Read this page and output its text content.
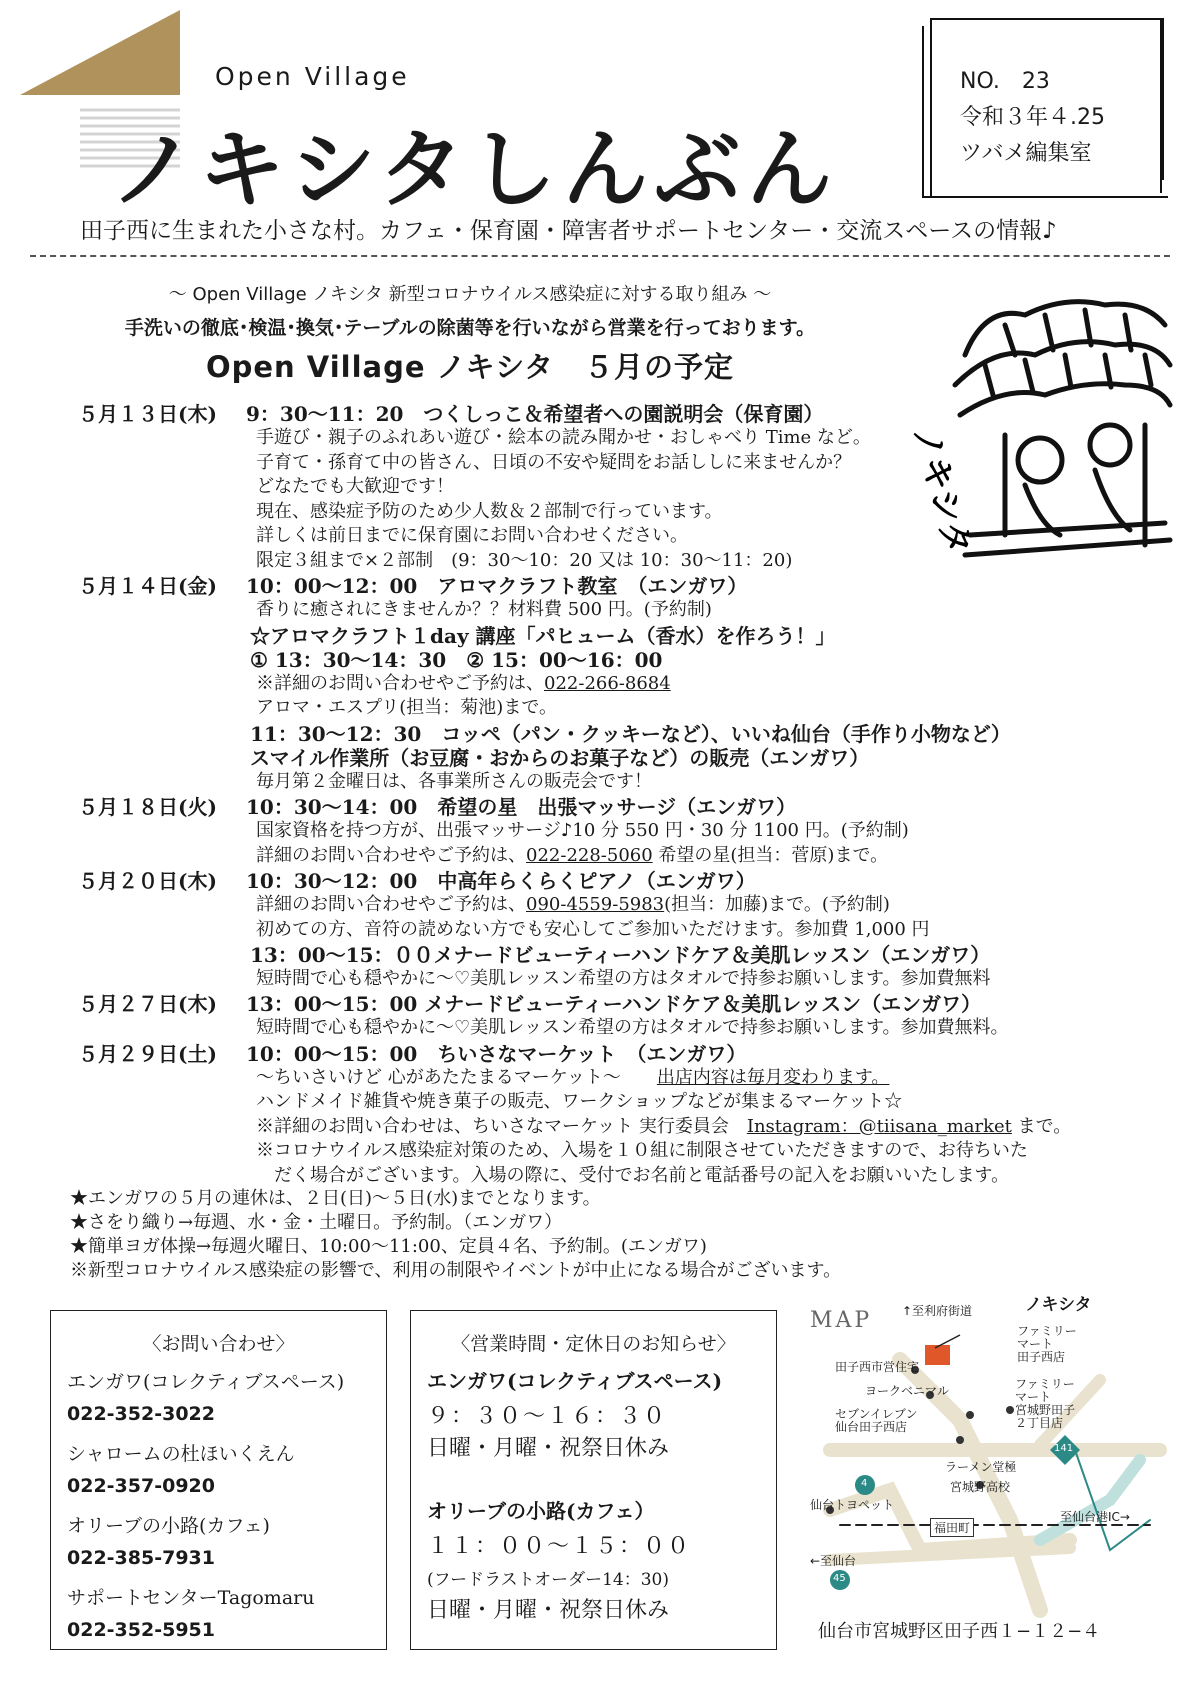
Open Village
ノキシタしんぶん
NO.　23
令和３年４.25
ツバメ編集室
田子西に生まれた小さな村。カフェ・保育園・障害者サポートセンター・交流スペースの情報♪
〜 Open Village ノキシタ 新型コロナウイルス感染症に対する取り組み 〜
手洗いの徹底･検温･換気･テーブルの除菌等を行いながら営業を行っております。
Open Village ノキシタ　５月の予定
ノキシタ
５月１３日(木) 9：30〜11：20　つくしっこ＆希望者への園説明会（保育園）
手遊び・親子のふれあい遊び・絵本の読み聞かせ・おしゃべり Time など。
子育て・孫育て中の皆さん、日頃の不安や疑問をお話ししに来ませんか？
どなたでも大歓迎です！
現在、感染症予防のため少人数＆２部制で行っています。
詳しくは前日までに保育園にお問い合わせください。
限定３組まで×２部制　(9：30〜10：20 又は 10：30〜11：20)
５月１４日(金) 10：00〜12：00　アロマクラフト教室　（エンガワ）
香りに癒されにきませんか？？材料費 500 円。(予約制)
☆アロマクラフト１day 講座「パヒューム（香水）を作ろう！」
① 13：30〜14：30　② 15：00〜16：00
※詳細のお問い合わせやご予約は、022-266-8684
アロマ・エスプリ(担当：菊池)まで。
11：30〜12：30　コッペ（パン・クッキーなど）、いいね仙台（手作り小物など）
スマイル作業所（お豆腐・おからのお菓子など）の販売（エンガワ）
毎月第２金曜日は、各事業所さんの販売会です！
５月１８日(火) 10：30〜14：00　希望の星　出張マッサージ（エンガワ）
国家資格を持つ方が、出張マッサージ♪10 分 550 円・30 分 1100 円。(予約制)
詳細のお問い合わせやご予約は、022-228-5060 希望の星(担当：菅原)まで。
５月２０日(木) 10：30〜12：00　中高年らくらくピアノ（エンガワ）
詳細のお問い合わせやご予約は、090-4559-5983(担当：加藤)まで。(予約制)
初めての方、音符の読めない方でも安心してご参加いただけます。参加費 1,000 円
13：00〜15：００メナードビューティーハンドケア＆美肌レッスン（エンガワ）
短時間で心も穏やかに〜♡美肌レッスン希望の方はタオルで持参お願いします。参加費無料
５月２７日(木) 13：00〜15：00 メナードビューティーハンドケア＆美肌レッスン（エンガワ）
短時間で心も穏やかに〜♡美肌レッスン希望の方はタオルで持参お願いします。参加費無料。
５月２９日(土) 10：00〜15：00　ちいさなマーケット　（エンガワ）
〜ちいさいけど 心があたたまるマーケット〜　　出店内容は毎月変わります。
ハンドメイド雑貨や焼き菓子の販売、ワークショップなどが集まるマーケット☆
※詳細のお問い合わせは、ちいさなマーケット 実行委員会　Instagram：@tiisana_market まで。
※コロナウイルス感染症対策のため、入場を１０組に制限させていただきますので、お待ちいた
　だく場合がございます。入場の際に、受付でお名前と電話番号の記入をお願いいたします。
★エンガワの５月の連休は、２日(日)〜５日(水)までとなります。
★さをり織り→毎週、水・金・土曜日。予約制。（エンガワ）
★簡単ヨガ体操→毎週火曜日、10:00〜11:00、定員４名、予約制。(エンガワ)
※新型コロナウイルス感染症の影響で、利用の制限やイベントが中止になる場合がございます。
〈お問い合わせ〉
エンガワ(コレクティブスペース)
022-352-3022
シャロームの杜ほいくえん
022-357-0920
オリーブの小路(カフェ)
022-385-7931
サポートセンターTagomaru
022-352-5951
〈営業時間・定休日のお知らせ〉
エンガワ(コレクティブスペース)
９：３０〜１６：３０
日曜・月曜・祝祭日休み
オリーブの小路(カフェ）
１１：００〜１５：００
(フードラストオーダー14：30)
日曜・月曜・祝祭日休み
MAP
ノキシタ
↑至利府街道
ファミリー
マート
田子西店
田子西市営住宅
ヨークベニマル	ファミリー
マート
宮城野田子
２丁目店
セブンイレブン
仙台田子西店
ラーメン堂極
宮城野高校
仙台トヨペット
福田町
至仙台港IC→
←至仙台
4
45
141
仙台市宮城野区田子西１−１２−４
